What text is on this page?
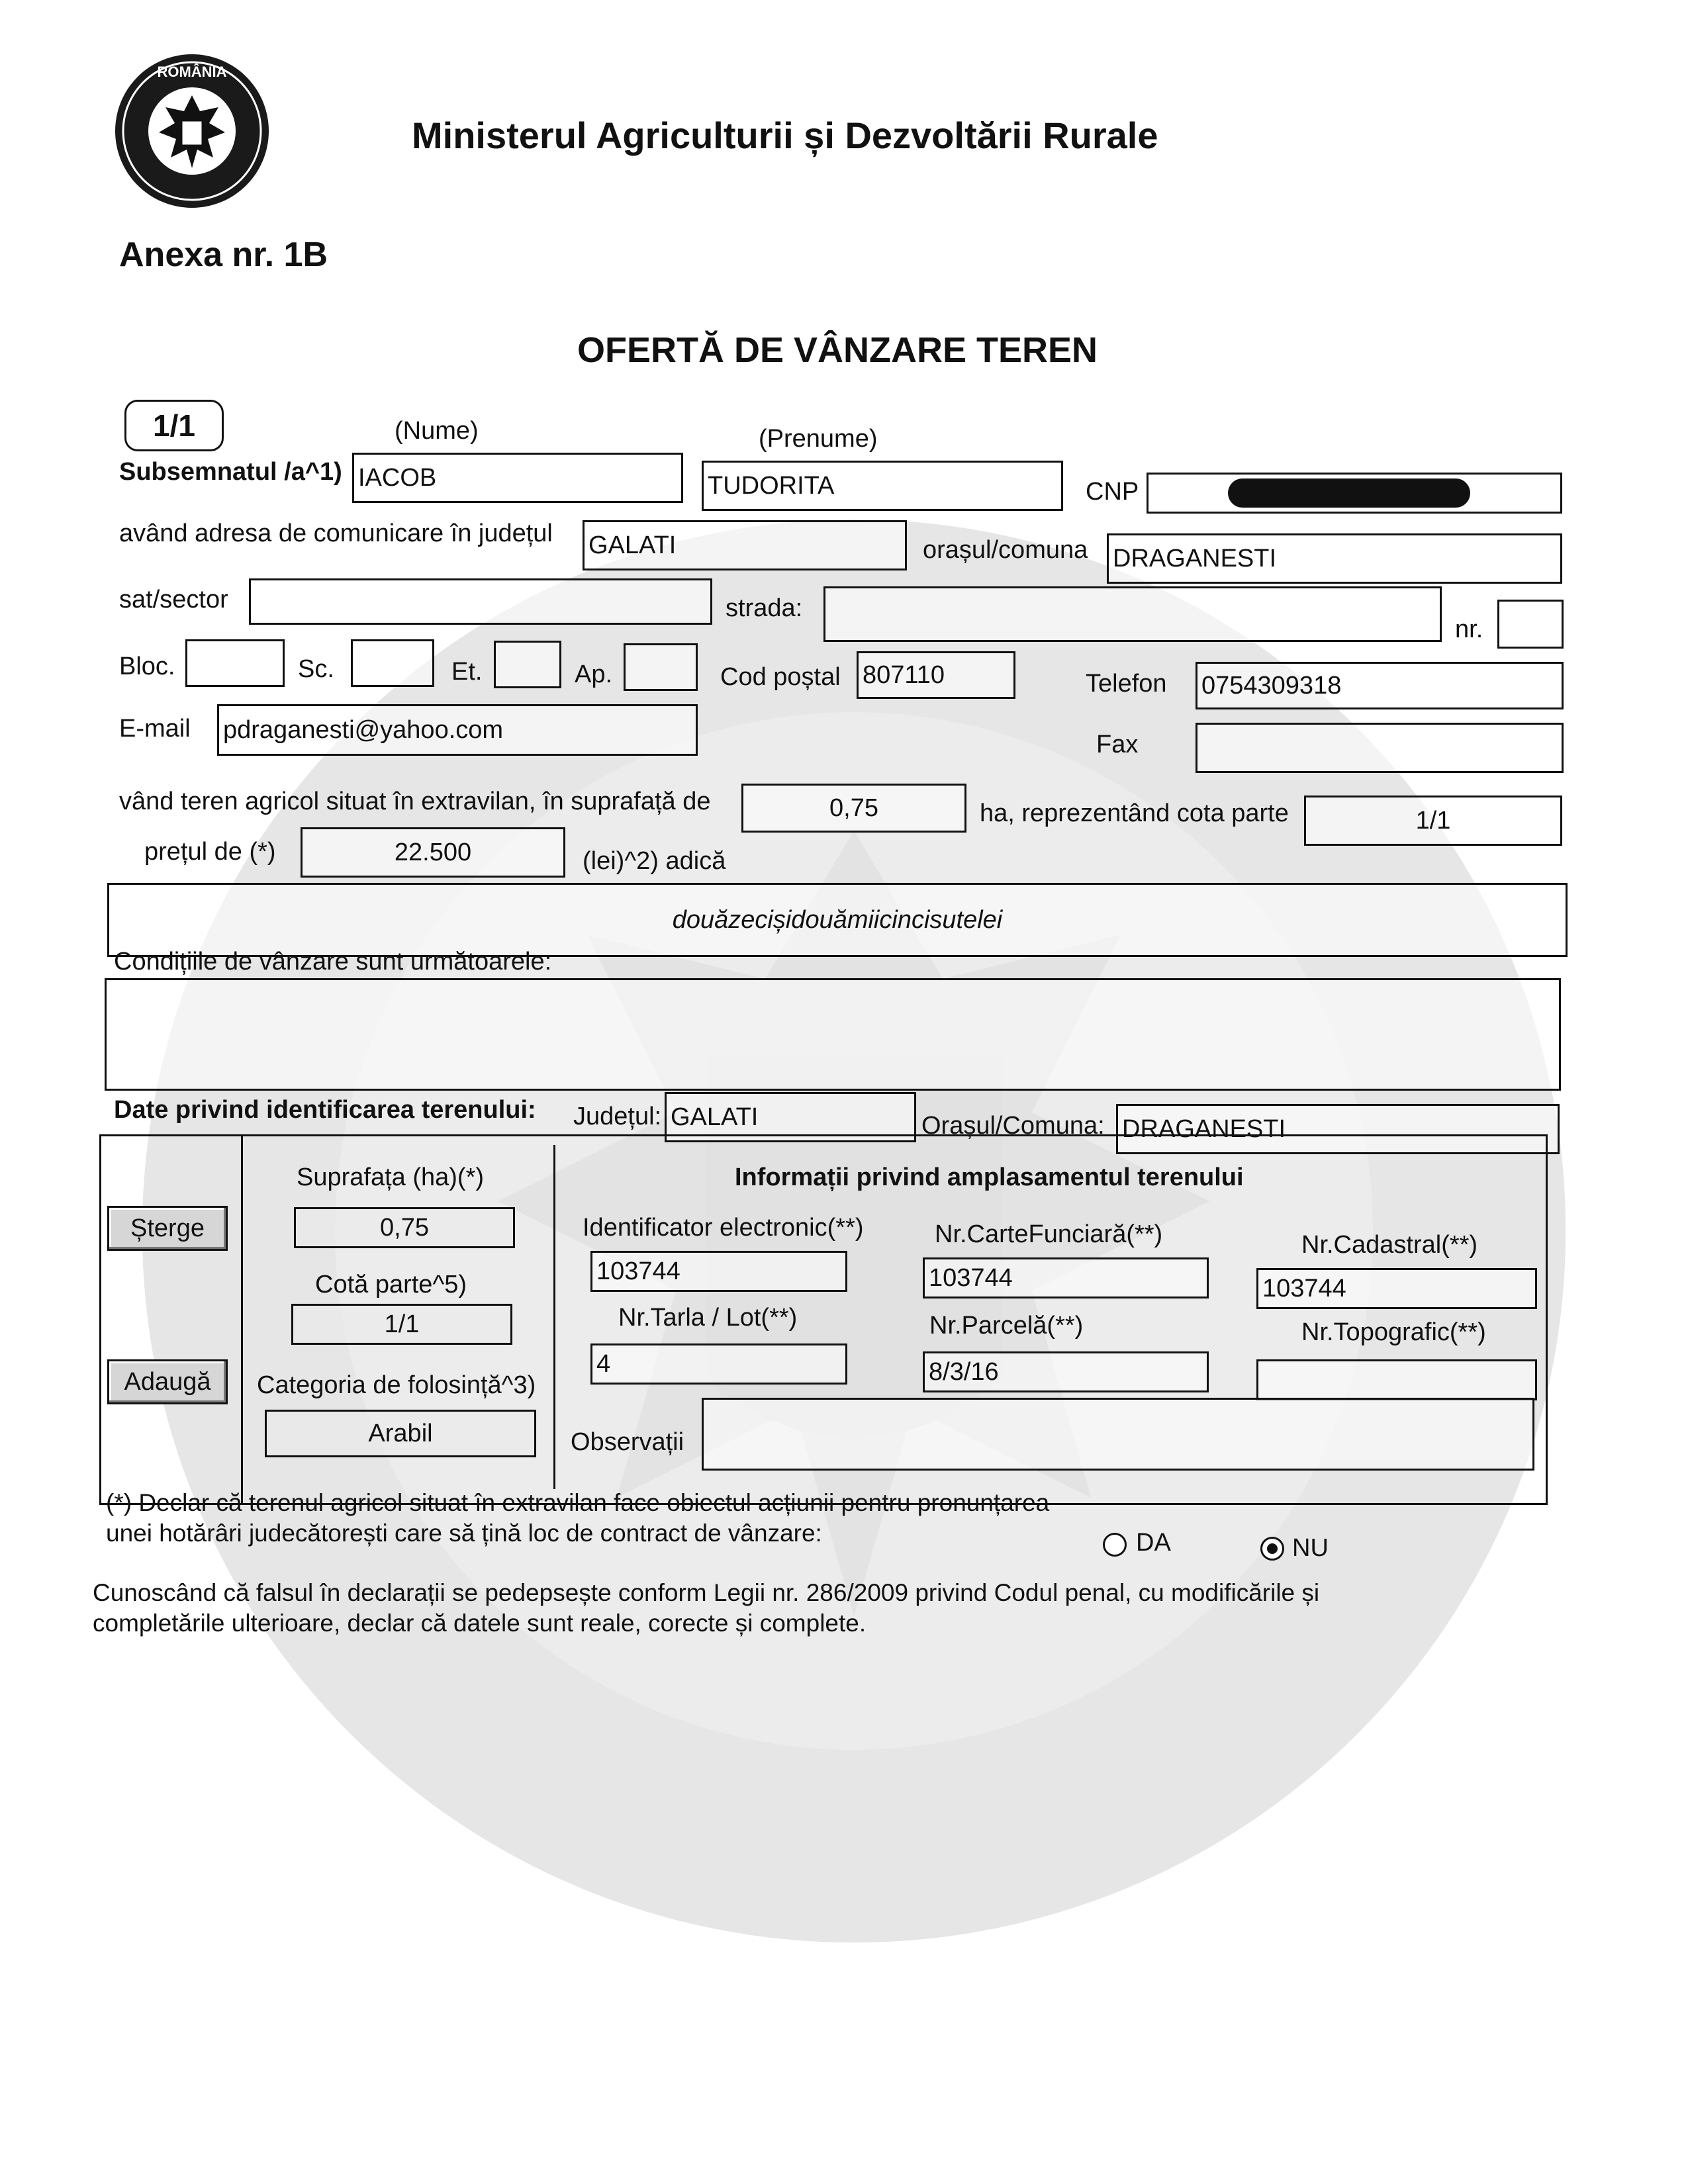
ROMÂNIA
Ministerul Agriculturii și Dezvoltării Rurale
Anexa nr. 1B
OFERTĂ DE VÂNZARE TEREN
1/1	(Nume)	(Prenume)
Subsemnatul /a^1) IACOB	TUDORITA	CNP
având adresa de comunicare în județul GALATI	orașul/comuna DRAGANESTI
sat/sector	strada:
nr.
Bloc.	Sc.	Et.	Ap.	Cod poștal 807110	Telefon 0754309318
E-mail pdraganesti@yahoo.com
Fax
vând teren agricol situat în extravilan, în suprafață de	0,75	ha, reprezentând cota parte	1/1
prețul de (*)	22.500	(lei)^2) adică
douăzecișidouămiicincisutelei
Condițiile de vânzare sunt următoarele:
Date privind identificarea terenului: Județul: GALATI	Orașul/Comuna: DRAGANESTI
Șterge
Adaugă
Suprafața (ha)(*)
0,75
Cotă parte^5)
1/1
Categoria de folosință^3)
Arabil
Informații privind amplasamentul terenului
Identificator electronic(**)
103744
Nr.CarteFunciară(**)
103744
Nr.Cadastral(**)
103744
Nr.Tarla / Lot(**)
4
Nr.Parcelă(**)
8/3/16
Nr.Topografic(**)
Observații
(*) Declar că terenul agricol situat în extravilan face obiectul acțiunii pentru pronunțarea unei hotărâri judecătorești care să țină loc de contract de vânzare:	DA	NU
Cunoscând că falsul în declarații se pedepsește conform Legii nr. 286/2009 privind Codul penal, cu modificările și completările ulterioare, declar că datele sunt reale, corecte și complete.
